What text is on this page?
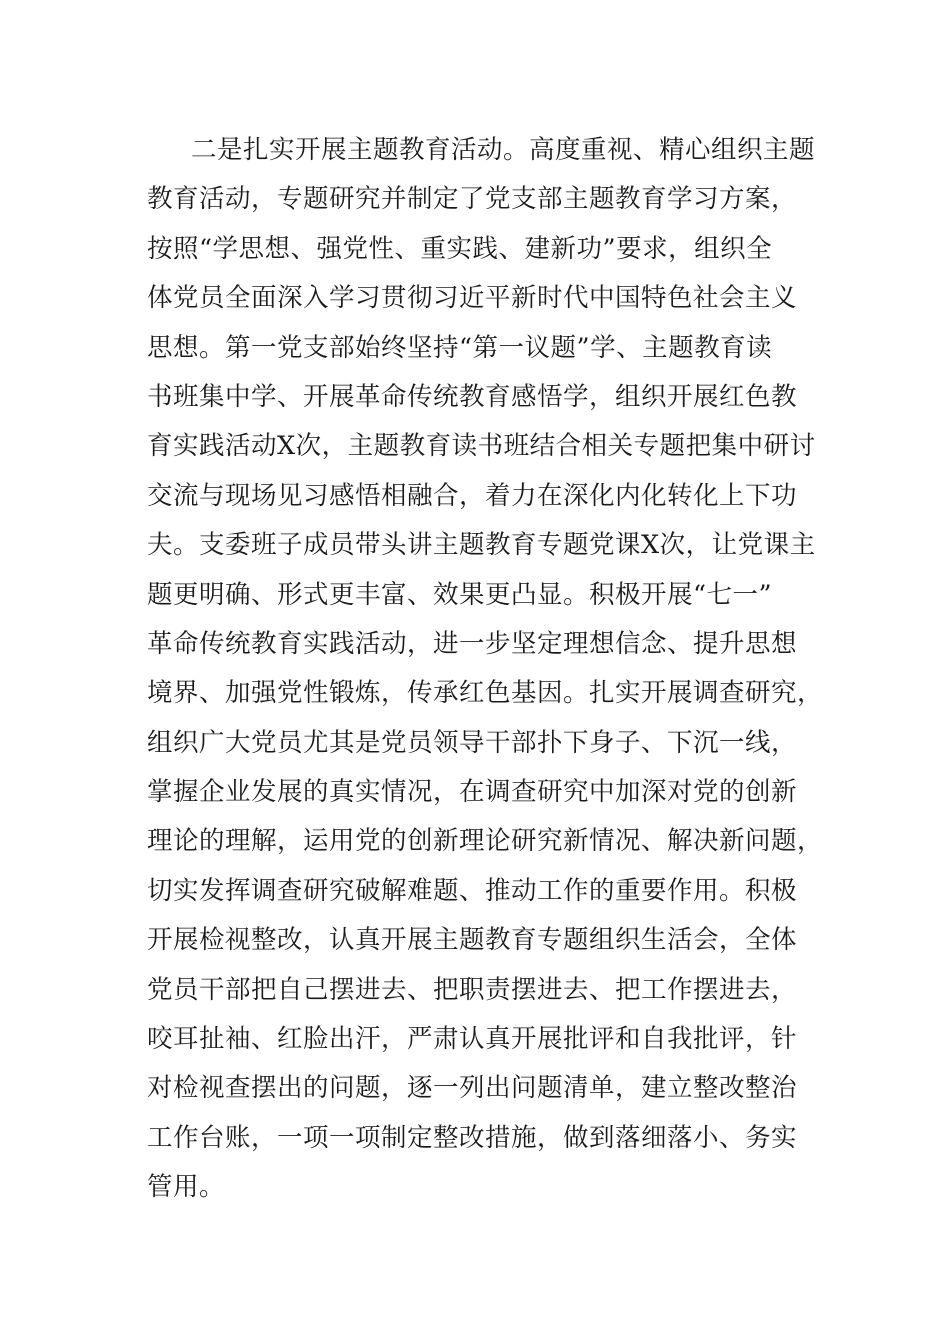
二是扎实开展主题教育活动。高度重视、精心组织主题
教育活动，专题研究并制定了党支部主题教育学习方案，
按照“学思想、强党性、重实践、建新功”要求，组织全
体党员全面深入学习贯彻习近平新时代中国特色社会主义
思想。第一党支部始终坚持“第一议题”学、主题教育读
书班集中学、开展革命传统教育感悟学，组织开展红色教
育实践活动X次，主题教育读书班结合相关专题把集中研讨
交流与现场见习感悟相融合，着力在深化内化转化上下功
夫。支委班子成员带头讲主题教育专题党课X次，让党课主
题更明确、形式更丰富、效果更凸显。积极开展“七一”
革命传统教育实践活动，进一步坚定理想信念、提升思想
境界、加强党性锻炼，传承红色基因。扎实开展调查研究，
组织广大党员尤其是党员领导干部扑下身子、下沉一线，
掌握企业发展的真实情况，在调查研究中加深对党的创新
理论的理解，运用党的创新理论研究新情况、解决新问题，
切实发挥调查研究破解难题、推动工作的重要作用。积极
开展检视整改，认真开展主题教育专题组织生活会，全体
党员干部把自己摆进去、把职责摆进去、把工作摆进去，
咬耳扯袖、红脸出汗，严肃认真开展批评和自我批评，针
对检视查摆出的问题，逐一列出问题清单，建立整改整治
工作台账，一项一项制定整改措施，做到落细落小、务实
管用。
